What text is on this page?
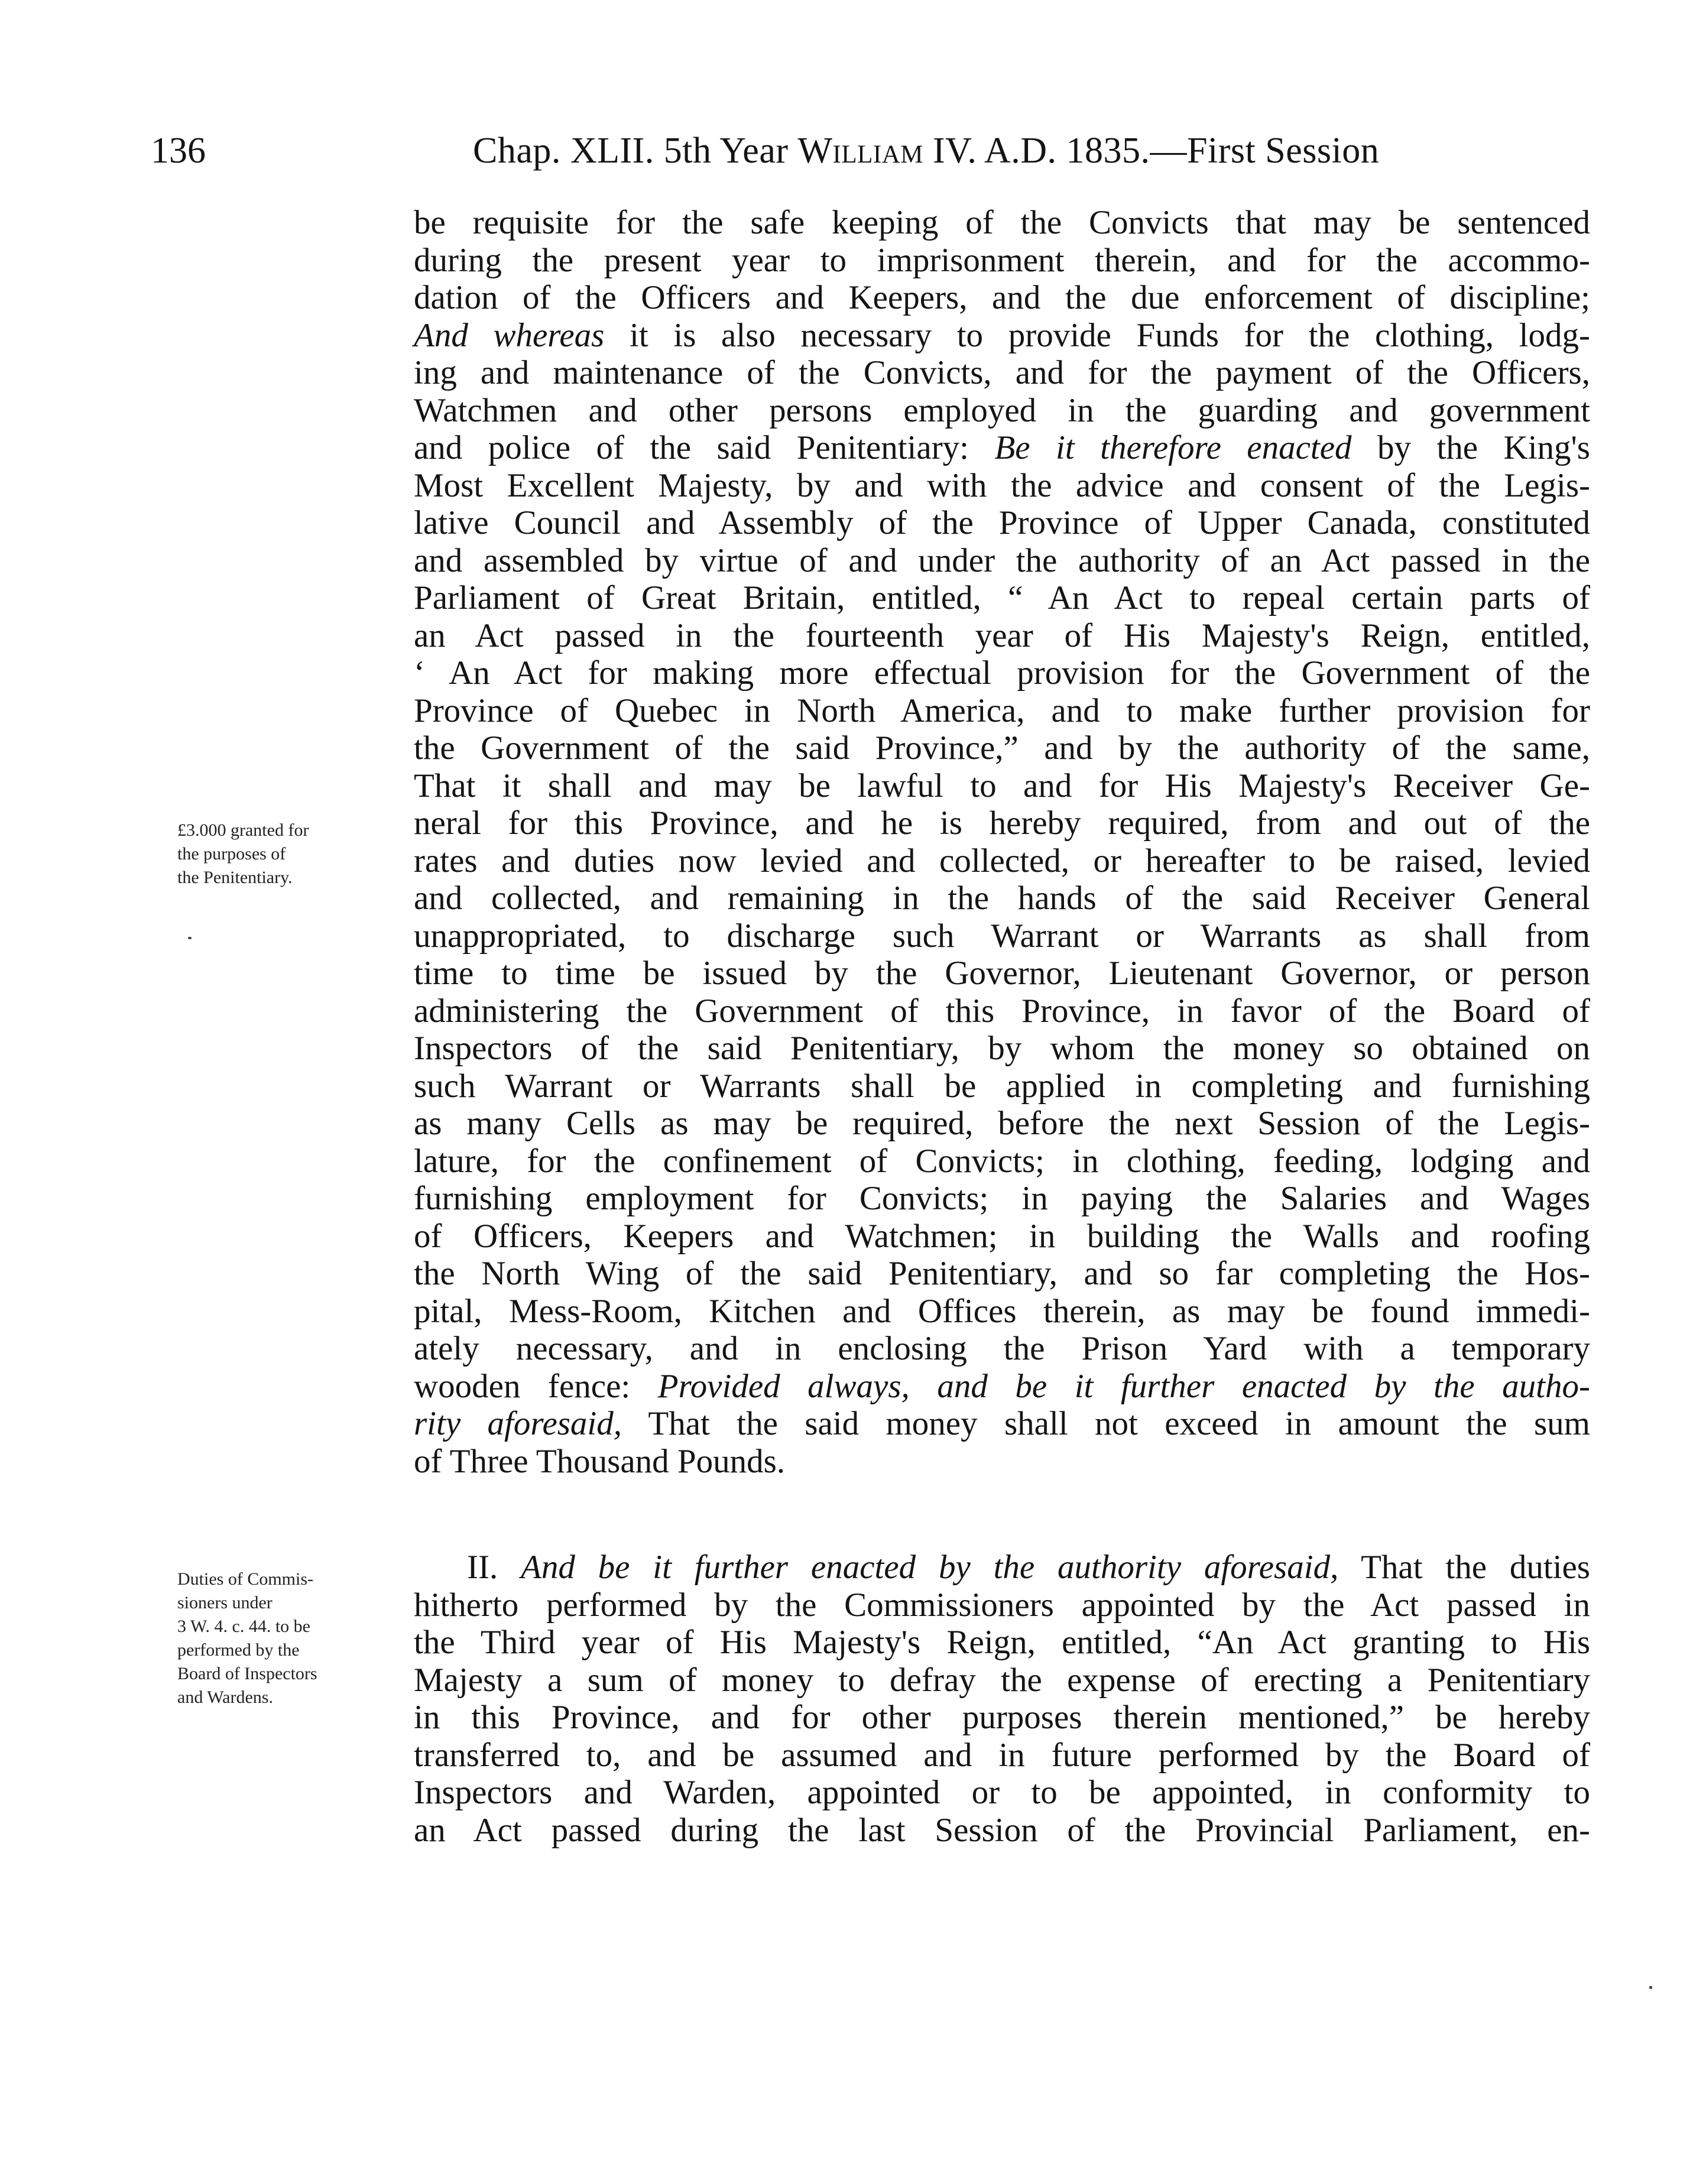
136	Chap. XLII. 5th Year William IV. A.D. 1835.—First Session
£3.000 granted for
the purposes of
the Penitentiary.
Duties of Commis-
sioners under
3 W. 4. c. 44. to be
performed by the
Board of Inspectors
and Wardens.
be requisite for the safe keeping of the Convicts that may be sentenced
during the present year to imprisonment therein, and for the accommo-
dation of the Officers and Keepers, and the due enforcement of discipline;
And whereas it is also necessary to provide Funds for the clothing, lodg-
ing and maintenance of the Convicts, and for the payment of the Officers,
Watchmen and other persons employed in the guarding and government
and police of the said Penitentiary: Be it therefore enacted by the King's
Most Excellent Majesty, by and with the advice and consent of the Legis-
lative Council and Assembly of the Province of Upper Canada, constituted
and assembled by virtue of and under the authority of an Act passed in the
Parliament of Great Britain, entitled, “ An Act to repeal certain parts of
an Act passed in the fourteenth year of His Majesty's Reign, entitled,
‘ An Act for making more effectual provision for the Government of the
Province of Quebec in North America, and to make further provision for
the Government of the said Province,” and by the authority of the same,
That it shall and may be lawful to and for His Majesty's Receiver Ge-
neral for this Province, and he is hereby required, from and out of the
rates and duties now levied and collected, or hereafter to be raised, levied
and collected, and remaining in the hands of the said Receiver General
unappropriated, to discharge such Warrant or Warrants as shall from
time to time be issued by the Governor, Lieutenant Governor, or person
administering the Government of this Province, in favor of the Board of
Inspectors of the said Penitentiary, by whom the money so obtained on
such Warrant or Warrants shall be applied in completing and furnishing
as many Cells as may be required, before the next Session of the Legis-
lature, for the confinement of Convicts; in clothing, feeding, lodging and
furnishing employment for Convicts; in paying the Salaries and Wages
of Officers, Keepers and Watchmen; in building the Walls and roofing
the North Wing of the said Penitentiary, and so far completing the Hos-
pital, Mess-Room, Kitchen and Offices therein, as may be found immedi-
ately necessary, and in enclosing the Prison Yard with a temporary
wooden fence: Provided always, and be it further enacted by the autho-
rity aforesaid, That the said money shall not exceed in amount the sum
of Three Thousand Pounds.
II. And be it further enacted by the authority aforesaid, That the duties
hitherto performed by the Commissioners appointed by the Act passed in
the Third year of His Majesty's Reign, entitled, “An Act granting to His
Majesty a sum of money to defray the expense of erecting a Penitentiary
in this Province, and for other purposes therein mentioned,” be hereby
transferred to, and be assumed and in future performed by the Board of
Inspectors and Warden, appointed or to be appointed, in conformity to
an Act passed during the last Session of the Provincial Parliament, en-
